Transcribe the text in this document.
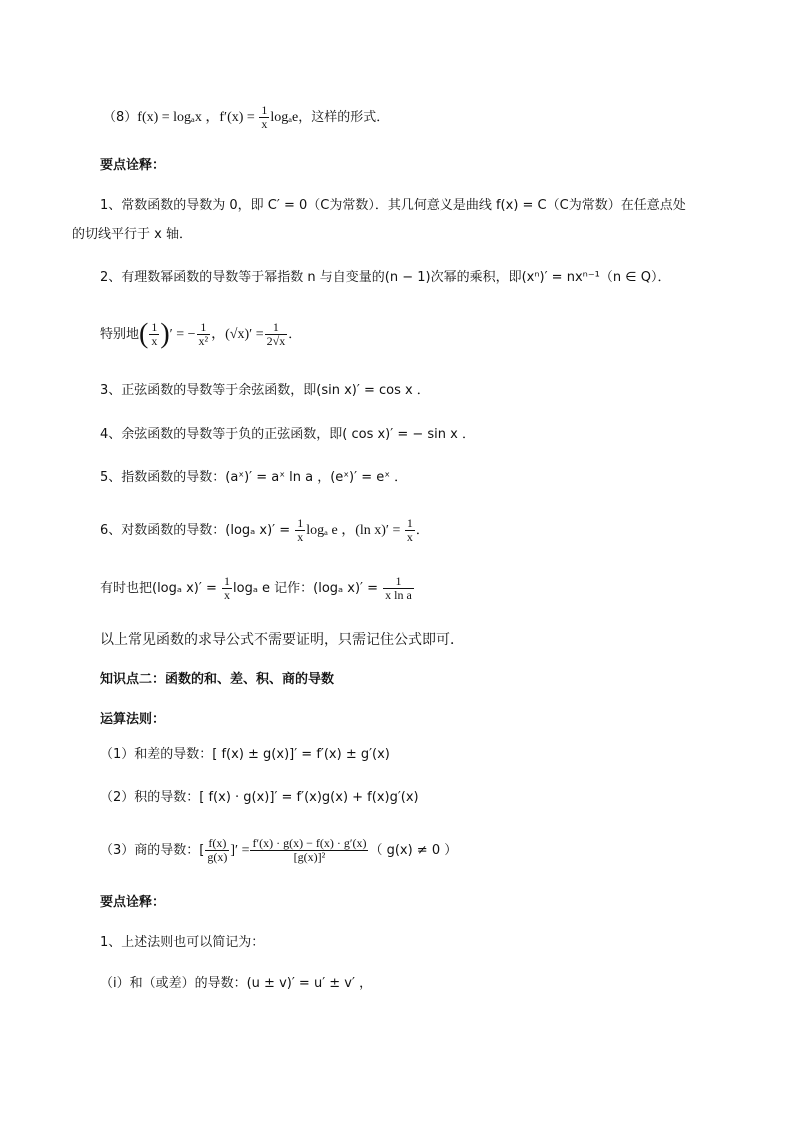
（8）f(x) = logₐx ，$f'(x) = \frac{1}{x}$ logₐe，这样的形式．
要点诠释：
1、常数函数的导数为 0，即 C′ = 0（C为常数）．其几何意义是曲线 f(x) = C（C为常数）在任意点处
的切线平行于 x 轴．
2、有理数幂函数的导数等于幂指数 n 与自变量的(n − 1)次幂的乘积，即(xⁿ)′ = nxⁿ⁻¹（n ∈ Q）．
特别地( $\frac{1}{x}$ )′ = − $\frac{1}{\text{x²}}$ ，$(√x)' = \frac{1}{2√x}$ ．
3、正弦函数的导数等于余弦函数，即(sin x)′ = cos x ．
4、余弦函数的导数等于负的正弦函数，即( cos x)′ = − sin x ．
5、指数函数的导数：(aˣ)′ = aˣ ln a ，(eˣ)′ = eˣ ．
6、对数函数的导数：(logₐ $x)' = \frac{1}{x}$ logₐ e ，(ln $x)' = \frac{1}{x}$ ．
有时也把(logₐ $x)' = \frac{1}{x}$ logₐ e 记作：(logₐ $x)' = \frac{1}{\text{x ln a}}$
以上常见函数的求导公式不需要证明，只需记住公式即可．
知识点二：函数的和、差、积、商的导数
运算法则：
（1）和差的导数：[ f(x) ± g(x)]′ = f′(x) ± g′(x)
（2）积的导数：[ f(x) · g(x)]′ = f′(x)g(x) + f(x)g′(x)
（3）商的导数：[ $\frac{f(x)}{g(x)}$ ]′ = $\frac{f'(x) \cdot g(x) - f(x) \cdot g'(x)}{\text{[g(x)]²}}$ （ g(x) ≠ 0 ）
要点诠释：
1、上述法则也可以简记为：
（ⅰ）和（或差）的导数：(u ± v)′ = u′ ± v′ ，
